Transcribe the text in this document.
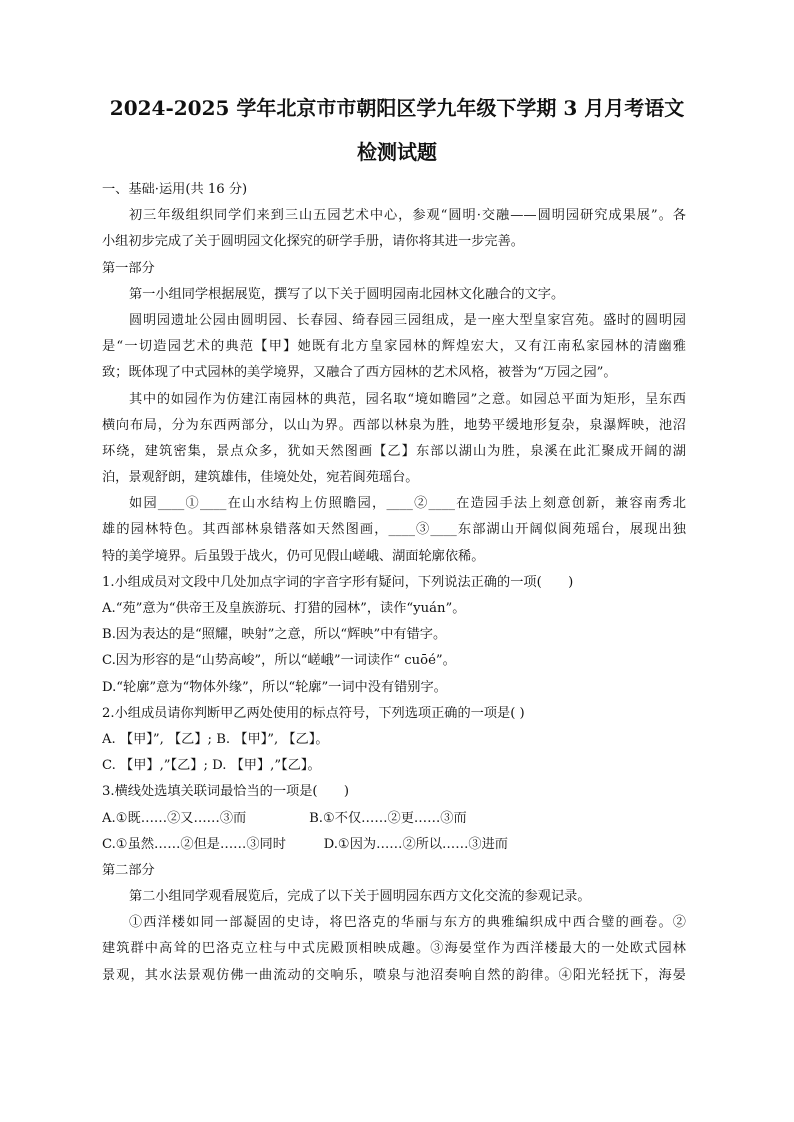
2024-2025 学年北京市市朝阳区学九年级下学期 3 月月考语文
检测试题
一、基础·运用(共 16 分)
初三年级组织同学们来到三山五园艺术中心，参观“圆明·交融——圆明园研究成果展”。各
小组初步完成了关于圆明园文化探究的研学手册，请你将其进一步完善。
第一部分
第一小组同学根据展览，撰写了以下关于圆明园南北园林文化融合的文字。
圆明园遗址公园由圆明园、长春园、绮春园三园组成，是一座大型皇家宫苑。盛时的圆明园
是“一切造园艺术的典范【甲】她既有北方皇家园林的辉煌宏大，又有江南私家园林的清幽雅
致；既体现了中式园林的美学境界，又融合了西方园林的艺术风格，被誉为“万园之园”。
其中的如园作为仿建江南园林的典范，园名取“境如瞻园”之意。如园总平面为矩形，呈东西
横向布局，分为东西两部分，以山为界。西部以林泉为胜，地势平缓地形复杂，泉瀑辉映，池沼
环绕，建筑密集，景点众多，犹如天然图画【乙】东部以湖山为胜，泉溪在此汇聚成开阔的湖
泊，景观舒朗，建筑雄伟，佳境处处，宛若阆苑瑶台。
如园____①____在山水结构上仿照瞻园，____②____在造园手法上刻意创新，兼容南秀北
雄的园林特色。其西部林泉错落如天然图画，____③____东部湖山开阔似阆苑瑶台，展现出独
特的美学境界。后虽毁于战火，仍可见假山嵯峨、湖面轮廓依稀。
1.小组成员对文段中几处加点字词的字音字形有疑问，下列说法正确的一项(　　)
A.“苑”意为“供帝王及皇族游玩、打猎的园林”，读作“yuán”。
B.因为表达的是“照耀，映射”之意，所以“辉映”中有错字。
C.因为形容的是“山势高峻”，所以“嵯峨”一词读作“ cuōé”。
D.“轮廓”意为“物体外缘”，所以“轮廓”一词中没有错别字。
2.小组成员请你判断甲乙两处使用的标点符号，下列选项正确的一项是( )
A. 【甲】”, 【乙】; B. 【甲】”, 【乙】。
C. 【甲】,”【乙】; D. 【甲】,”【乙】。
3.横线处选填关联词最恰当的一项是(　　)
A.①既……②又……③而               B.①不仅……②更……③而
C.①虽然……②但是……③同时         D.①因为……②所以……③进而
第二部分
第二小组同学观看展览后，完成了以下关于圆明园东西方文化交流的参观记录。
①西洋楼如同一部凝固的史诗，将巴洛克的华丽与东方的典雅编织成中西合璧的画卷。②
建筑群中高耸的巴洛克立柱与中式庑殿顶相映成趣。③海晏堂作为西洋楼最大的一处欧式园林
景观，其水法景观仿佛一曲流动的交响乐，喷泉与池沼奏响自然的韵律。④阳光轻抚下，海晏
